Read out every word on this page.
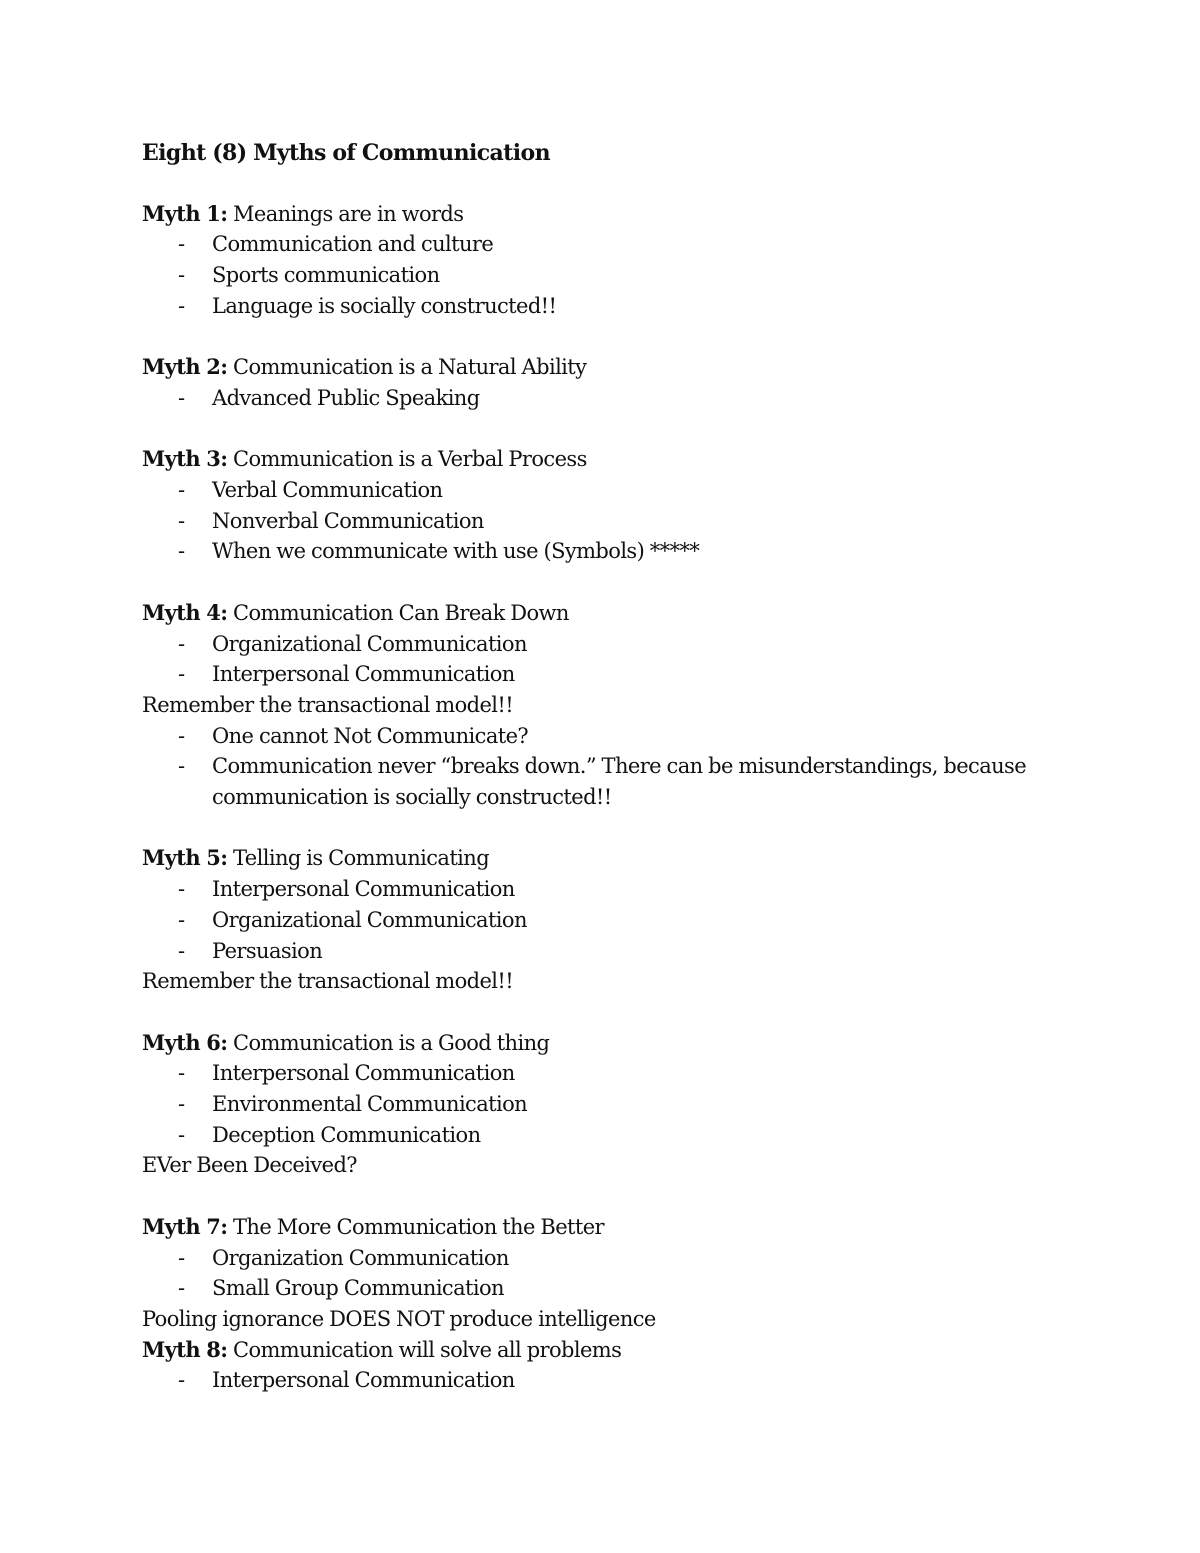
Eight (8) Myths of Communication
Myth 1: Meanings are in words
- Communication and culture
- Sports communication
- Language is socially constructed!!
Myth 2: Communication is a Natural Ability
- Advanced Public Speaking
Myth 3: Communication is a Verbal Process
- Verbal Communication
- Nonverbal Communication
- When we communicate with use (Symbols) *****
Myth 4: Communication Can Break Down
- Organizational Communication
- Interpersonal Communication
Remember the transactional model!!
- One cannot Not Communicate?
- Communication never “breaks down.” There can be misunderstandings, because communication is socially constructed!!
Myth 5: Telling is Communicating
- Interpersonal Communication
- Organizational Communication
- Persuasion
Remember the transactional model!!
Myth 6: Communication is a Good thing
- Interpersonal Communication
- Environmental Communication
- Deception Communication
EVer Been Deceived?
Myth 7: The More Communication the Better
- Organization Communication
- Small Group Communication
Pooling ignorance DOES NOT produce intelligence
Myth 8: Communication will solve all problems
- Interpersonal Communication
